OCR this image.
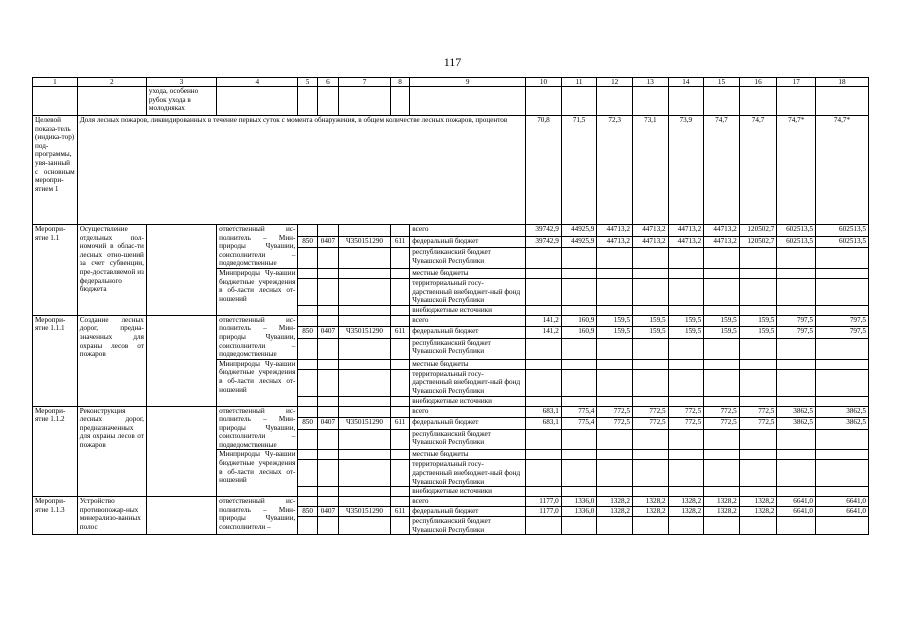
117
1	2	3	4	5	6	7	8	9	10	11	12	13	14	15	16	17	18
		ухода, особенно рубок ухода в молодняках															
Целевой показа-тель (индика-тор) под-программы, увя-занный с основным меропри-ятием 1	Доля лесных пожаров, ликвидированных в течение первых суток с момента обнаружения, в общем количестве лесных пожаров, процентов								70,8	71,5	72,3	73,1	73,9	74,7	74,7	74,7*	74,7*
Меропри-ятие 1.1	Осуществление отдельных пол-номочий в облас-ти лесных отно-шений за счет субвенции, пре-доставляемой из федерального бюджета		ответственный ис-полнитель – Мин-природы Чувашии, соисполнители – подведомственные					всего	39742,9	44925,9	44713,2	44713,2	44713,2	44713,2	120502,7	602513,5	602513,5
				850	0407	Ч350151290	611	федеральный бюджет	39742,9	44925,9	44713,2	44713,2	44713,2	44713,2	120502,7	602513,5	602513,5
								республиканский бюджет Чувашской Республики									
			Минприроды Чу-вашии бюджетные учреждения в об-ласти лесных от-ношений					местные бюджеты									
								территориальный госу-дарственный внебюджет-ный фонд Чувашской Республики									
								внебюджетные источники									
Меропри-ятие 1.1.1	Создание лесных дорог, предна-значенных для охраны лесов от пожаров		ответственный ис-полнитель – Мин-природы Чувашии, соисполнители – подведомственные					всего	141,2	160,9	159,5	159,5	159,5	159,5	159,5	797,5	797,5
				850	0407	Ч350151290	611	федеральный бюджет	141,2	160,9	159,5	159,5	159,5	159,5	159,5	797,5	797,5
								республиканский бюджет Чувашской Республики									
			Минприроды Чу-вашии бюджетные учреждения в об-ласти лесных от-ношений					местные бюджеты									
								территориальный госу-дарственный внебюджет-ный фонд Чувашской Республики									
								внебюджетные источники									
Меропри-ятие 1.1.2	Реконструкция лесных дорог, предназначенных для охраны лесов от пожаров		ответственный ис-полнитель – Мин-природы Чувашии, соисполнители – подведомственные					всего	683,1	775,4	772,5	772,5	772,5	772,5	772,5	3862,5	3862,5
				850	0407	Ч350151290	611	федеральный бюджет	683,1	775,4	772,5	772,5	772,5	772,5	772,5	3862,5	3862,5
								республиканский бюджет Чувашской Республики									
			Минприроды Чу-вашии бюджетные учреждения в об-ласти лесных от-ношений					местные бюджеты									
								территориальный госу-дарственный внебюджет-ный фонд Чувашской Республики									
								внебюджетные источники									
Меропри-ятие 1.1.3	Устройство противопожар-ных минерализо-ванных полос		ответственный ис-полнитель – Мин-природы Чувашии, соисполнители –					всего	1177,0	1336,0	1328,2	1328,2	1328,2	1328,2	1328,2	6641,0	6641,0
				850	0407	Ч350151290	611	федеральный бюджет	1177,0	1336,0	1328,2	1328,2	1328,2	1328,2	1328,2	6641,0	6641,0
								республиканский бюджет Чувашской Республики									
